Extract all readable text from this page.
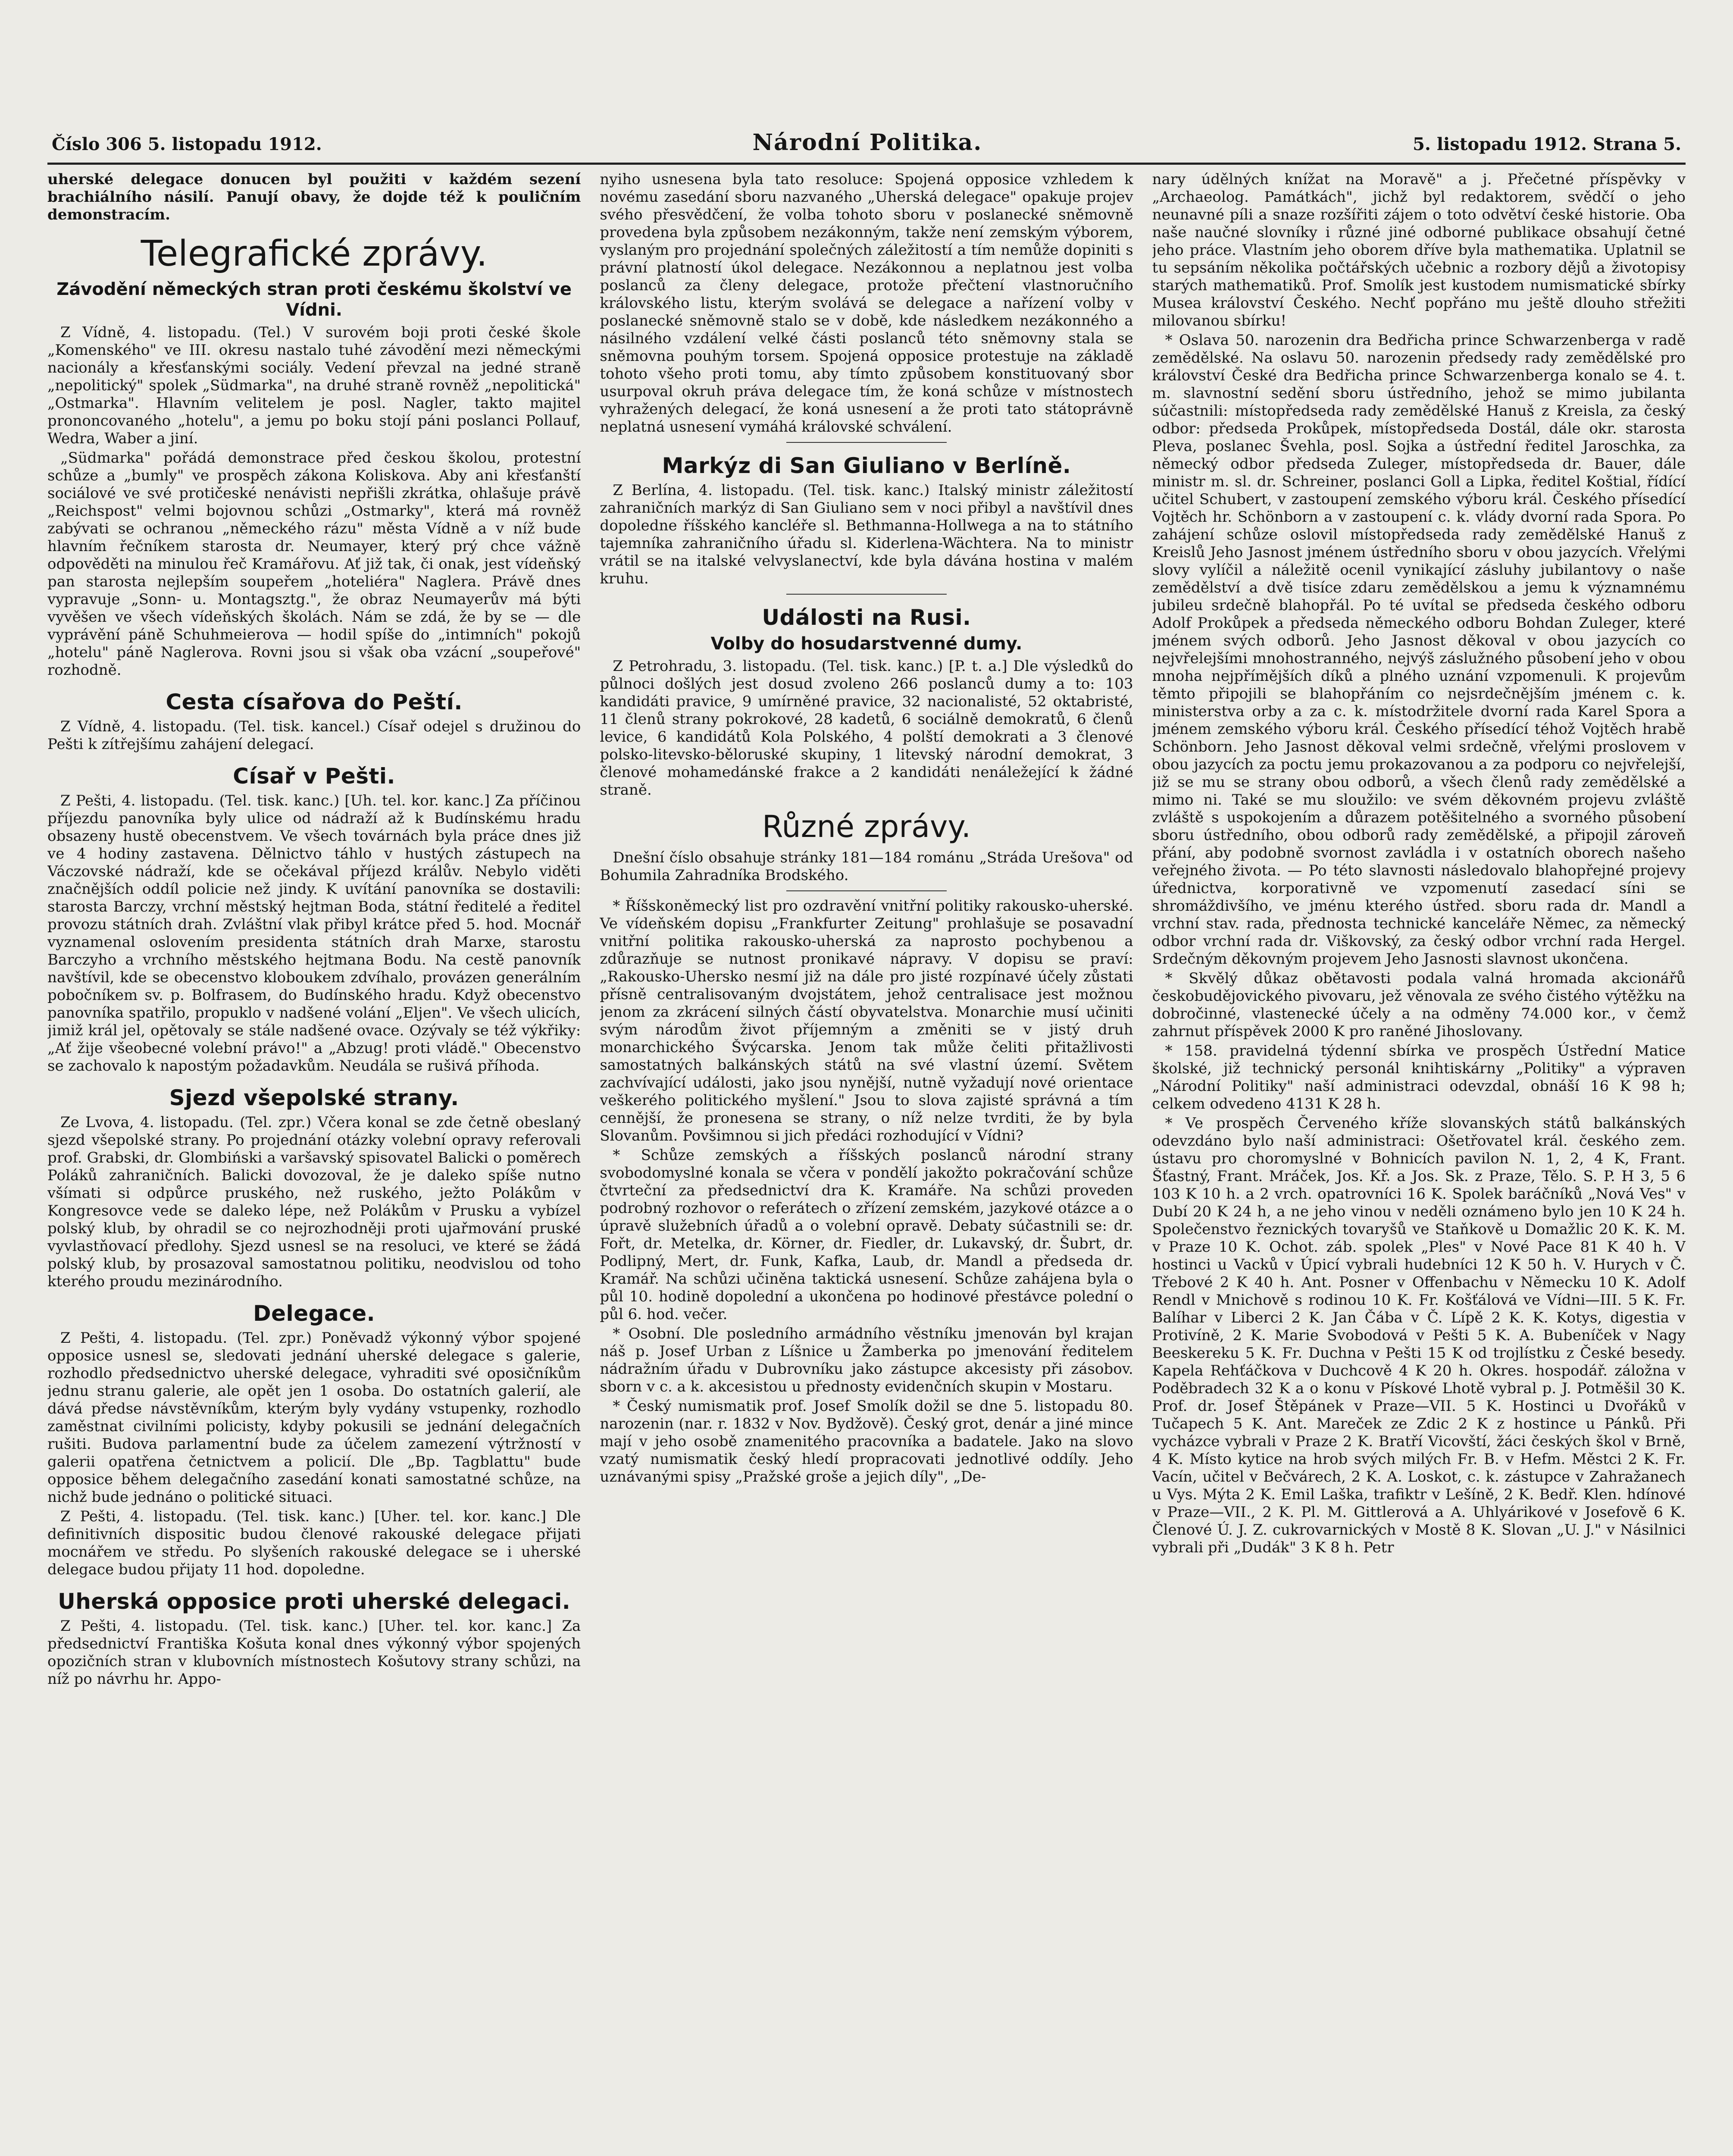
Číslo 306 5. listopadu 1912.	Národní Politika.	5. listopadu 1912. Strana 5.

uherské delegace donucen byl použiti v každém sezení brachiálního násilí. Panují obavy, že dojde též k pouličním demonstracím.

Telegrafické zprávy.
Závodění německých stran proti českému školství ve Vídni.

Z Vídně, 4. listopadu. (Tel.) V surovém boji proti české škole „Komenského" ve III. okresu nastalo tuhé závodění mezi německými nacionály a křesťanskými sociály. Vedení převzal na jedné straně „nepolitický" spolek „Südmarka", na druhé straně rovněž „nepolitická" „Ostmarka". Hlavním velitelem je posl. Nagler, takto majitel prononcovaného „hotelu", a jemu po boku stojí páni poslanci Pollauf, Wedra, Waber a jiní.

„Südmarka" pořádá demonstrace před českou školou, protestní schůze a „bumly" ve prospěch zákona Koliskova. Aby ani křesťanští sociálové ve své protičeské nenávisti nepřišli zkrátka, ohlašuje právě „Reichspost" velmi bojovnou schůzi „Ostmarky", která má rovněž zabývati se ochranou „německého rázu" města Vídně a v níž bude hlavním řečníkem starosta dr. Neumayer, který prý chce vážně odpověděti na minulou řeč Kramářovu. Ať již tak, či onak, jest vídeňský pan starosta nejlepším soupeřem „hoteliéra" Naglera. Právě dnes vypravuje „Sonn- u. Montagsztg.", že obraz Neumayerův má býti vyvěšen ve všech vídeňských školách. Nám se zdá, že by se — dle vyprávění páně Schuhmeierova — hodil spíše do „intimních" pokojů „hotelu" páně Naglerova. Rovni jsou si však oba vzácní „soupeřové" rozhodně.

Cesta císařova do Peští.

Z Vídně, 4. listopadu. (Tel. tisk. kancel.) Císař odejel s družinou do Pešti k zítřejšímu zahájení delegací.

Císař v Pešti.

Z Pešti, 4. listopadu. (Tel. tisk. kanc.) [Uh. tel. kor. kanc.] Za příčinou příjezdu panovníka byly ulice od nádraží až k Budínskému hradu obsazeny hustě obecenstvem. Ve všech továrnách byla práce dnes již ve 4 hodiny zastavena. Dělnictvo táhlo v hustých zástupech na Váczovské nádraží, kde se očekával příjezd králův. Nebylo viděti značnějších oddíl policie než jindy. K uvítání panovníka se dostavili: starosta Barczy, vrchní městský hejtman Boda, státní ředitelé a ředitel provozu státních drah. Zvláštní vlak přibyl krátce před 5. hod. Mocnář vyznamenal oslovením presidenta státních drah Marxe, starostu Barczyho a vrchního městského hejtmana Bodu. Na cestě panovník navštívil, kde se obecenstvo kloboukem zdvíhalo, provázen generálním pobočníkem sv. p. Bolfrasem, do Budínského hradu. Když obecenstvo panovníka spatřilo, propuklo v nadšené volání „Eljen". Ve všech ulicích, jimiž král jel, opětovaly se stále nadšené ovace. Ozývaly se též výkřiky: „Ať žije všeobecné volební právo!" a „Abzug! proti vládě." Obecenstvo se zachovalo k napostým požadavkům. Neudála se rušivá příhoda.

Sjezd všepolské strany.

Ze Lvova, 4. listopadu. (Tel. zpr.) Včera konal se zde četně obeslaný sjezd všepolské strany. Po projednání otázky volební opravy referovali prof. Grabski, dr. Glombiński a varšavský spisovatel Balicki o poměrech Poláků zahraničních. Balicki dovozoval, že je daleko spíše nutno všímati si odpůrce pruského, než ruského, ježto Polákům v Kongresovce vede se daleko lépe, než Polákům v Prusku a vybízel polský klub, by ohradil se co nejrozhodněji proti ujařmování pruské vyvlastňovací předlohy. Sjezd usnesl se na resoluci, ve které se žádá polský klub, by prosazoval samostatnou politiku, neodvislou od toho kterého proudu mezinárodního.

Delegace.

Z Pešti, 4. listopadu. (Tel. zpr.) Poněvadž výkonný výbor spojené opposice usnesl se, sledovati jednání uherské delegace s galerie, rozhodlo předsednictvo uherské delegace, vyhraditi své oposičníkům jednu stranu galerie, ale opět jen 1 osoba. Do ostatních galerií, ale dává předse návstěvníkům, kterým byly vydány vstupenky, rozhodlo zaměstnat civilními policisty, kdyby pokusili se jednání delegačních rušiti. Budova parlamentní bude za účelem zamezení výtržností v galerii opatřena četnictvem a policií. Dle „Bp. Tagblattu" bude opposice během delegačního zasedání konati samostatné schůze, na nichž bude jednáno o politické situaci.

Z Pešti, 4. listopadu. (Tel. tisk. kanc.) [Uher. tel. kor. kanc.] Dle definitivních dispositic budou členové rakouské delegace přijati mocnářem ve středu. Po slyšeních rakouské delegace se i uherské delegace budou přijaty 11 hod. dopoledne.

Uherská opposice proti uherské delegaci.

Z Pešti, 4. listopadu. (Tel. tisk. kanc.) [Uher. tel. kor. kanc.] Za předsednictví Františka Košuta konal dnes výkonný výbor spojených opozičních stran v klubovních místnostech Košutovy strany schůzi, na níž po návrhu hr. Appo-

nyiho usnesena byla tato resoluce: Spojená opposice vzhledem k novému zasedání sboru nazvaného „Uherská delegace" opakuje projev svého přesvědčení, že volba tohoto sboru v poslanecké sněmovně provedena byla způsobem nezákonným, takže není zemským výborem, vyslaným pro projednání společných záležitostí a tím nemůže dopiniti s právní platností úkol delegace. Nezákonnou a neplatnou jest volba poslanců za členy delegace, protože přečtení vlastnoručního královského listu, kterým svolává se delegace a nařízení volby v poslanecké sněmovně stalo se v době, kde následkem nezákonného a násilného vzdálení velké části poslanců této sněmovny stala se sněmovna pouhým torsem. Spojená opposice protestuje na základě tohoto všeho proti tomu, aby tímto způsobem konstituovaný sbor usurpoval okruh práva delegace tím, že koná schůze v místnostech vyhražených delegací, že koná usnesení a že proti tato státoprávně neplatná usnesení vymáhá královské schválení.

Markýz di San Giuliano v Berlíně.

Z Berlína, 4. listopadu. (Tel. tisk. kanc.) Italský ministr záležitostí zahraničních markýz di San Giuliano sem v noci přibyl a navštívil dnes dopoledne říšského kancléře sl. Bethmanna-Hollwega a na to státního tajemníka zahraničního úřadu sl. Kiderlena-Wächtera. Na to ministr vrátil se na italské velvyslanectví, kde byla dávána hostina v malém kruhu.

Události na Rusi.
Volby do hosudarstvenné dumy.

Z Petrohradu, 3. listopadu. (Tel. tisk. kanc.) [P. t. a.] Dle výsledků do půlnoci došlých jest dosud zvoleno 266 poslanců dumy a to: 103 kandidáti pravice, 9 umírněné pravice, 32 nacionalisté, 52 oktabristé, 11 členů strany pokrokové, 28 kadetů, 6 sociálně demokratů, 6 členů levice, 6 kandidátů Kola Polského, 4 polští demokrati a 3 členové polsko-litevsko-běloruské skupiny, 1 litevský národní demokrat, 3 členové mohamedánské frakce a 2 kandidáti nenáležející k žádné straně.

Různé zprávy.

Dnešní číslo obsahuje stránky 181—184 románu „Stráda Urešova" od Bohumila Zahradníka Brodského.

* Říšskoněmecký list pro ozdravění vnitřní politiky rakousko-uherské. Ve vídeňském dopisu „Frankfurter Zeitung" prohlašuje se posavadní vnitřní politika rakousko-uherská za naprosto pochybenou a zdůrazňuje se nutnost pronikavé nápravy. V dopisu se praví: „Rakousko-Uhersko nesmí již na dále pro jisté rozpínavé účely zůstati přísně centralisovaným dvojstátem, jehož centralisace jest možnou jenom za zkrácení silných částí obyvatelstva. Monarchie musí učiniti svým národům život příjemným a změniti se v jistý druh monarchického Švýcarska. Jenom tak může čeliti přitažlivosti samostatných balkánských států na své vlastní území. Světem zachvívající události, jako jsou nynější, nutně vyžadují nové orientace veškerého politického myšlení." Jsou to slova zajisté správná a tím cennější, že pronesena se strany, o níž nelze tvrditi, že by byla Slovanům. Povšimnou si jich předáci rozhodující v Vídni?

* Schůze zemských a říšských poslanců národní strany svobodomyslné konala se včera v pondělí jakožto pokračování schůze čtvrteční za předsednictví dra K. Kramáře. Na schůzi proveden podrobný rozhovor o referátech o zřízení zemském, jazykové otázce a o úpravě služebních úřadů a o volební opravě. Debaty súčastnili se: dr. Fořt, dr. Metelka, dr. Körner, dr. Fiedler, dr. Lukavský, dr. Šubrt, dr. Podlipný, Mert, dr. Funk, Kafka, Laub, dr. Mandl a předseda dr. Kramář. Na schůzi učiněna taktická usnesení. Schůze zahájena byla o půl 10. hodině dopolední a ukončena po hodinové přestávce polední o půl 6. hod. večer.

* Osobní. Dle posledního armádního věstníku jmenován byl krajan náš p. Josef Urban z Líšnice u Žamberka po jmenování ředitelem nádražním úřadu v Dubrovníku jako zástupce akcesisty při zásobov. sborn v c. a k. akcesistou u přednosty evidenčních skupin v Mostaru.

* Český numismatik prof. Josef Smolík dožil se dne 5. listopadu 80. narozenin (nar. r. 1832 v Nov. Bydžově). Český grot, denár a jiné mince mají v jeho osobě znamenitého pracovníka a badatele. Jako na slovo vzatý numismatik český hledí propracovati jednotlivé oddíly. Jeho uznávanými spisy „Pražské groše a jejich díly", „De-

nary údělných knížat na Moravě" a j. Přečetné příspěvky v „Archaeolog. Památkách", jichž byl redaktorem, svědčí o jeho neunavné píli a snaze rozšířiti zájem o toto odvětví české historie. Oba naše naučné slovníky i různé jiné odborné publikace obsahují četné jeho práce. Vlastním jeho oborem dříve byla mathematika. Uplatnil se tu sepsáním několika počtářských učebnic a rozbory dějů a životopisy starých mathematiků. Prof. Smolík jest kustodem numismatické sbírky Musea království Českého. Nechť popřáno mu ještě dlouho střežiti milovanou sbírku!

* Oslava 50. narozenin dra Bedřicha prince Schwarzenberga v radě zemědělské. Na oslavu 50. narozenin předsedy rady zemědělské pro království České dra Bedřicha prince Schwarzenberga konalo se 4. t. m. slavnostní sedění sboru ústředního, jehož se mimo jubilanta súčastnili: místopředseda rady zemědělské Hanuš z Kreisla, za český odbor: předseda Prokůpek, místopředseda Dostál, dále okr. starosta Pleva, poslanec Švehla, posl. Sojka a ústřední ředitel Jaroschka, za německý odbor předseda Zuleger, místopředseda dr. Bauer, dále ministr m. sl. dr. Schreiner, poslanci Goll a Lipka, ředitel Koštial, řídící učitel Schubert, v zastoupení zemského výboru král. Českého přísedící Vojtěch hr. Schönborn a v zastoupení c. k. vlády dvorní rada Spora. Po zahájení schůze oslovil místopředseda rady zemědělské Hanuš z Kreislů Jeho Jasnost jménem ústředního sboru v obou jazycích. Vřelými slovy vylíčil a náležitě ocenil vynikající zásluhy jubilantovy o naše zemědělství a dvě tisíce zdaru zemědělskou a jemu k významnému jubileu srdečně blahopřál. Po té uvítal se předseda českého odboru Adolf Prokůpek a předseda německého odboru Bohdan Zuleger, které jménem svých odborů. Jeho Jasnost děkoval v obou jazycích co nejvřelejšími mnohostranného, nejvýš záslužného působení jeho v obou mnoha nejpřímějších díků a plného uznání vzpomenuli. K projevům těmto připojili se blahopřáním co nejsrdečnějším jménem c. k. ministerstva orby a za c. k. místodržitele dvorní rada Karel Spora a jménem zemského výboru král. Českého přísedící téhož Vojtěch hrabě Schönborn. Jeho Jasnost děkoval velmi srdečně, vřelými proslovem v obou jazycích za poctu jemu prokazovanou a za podporu co nejvřelejší, již se mu se strany obou odborů, a všech členů rady zemědělské a mimo ni. Také se mu sloužilo: ve svém děkovném projevu zvláště zvláště s uspokojením a důrazem potěšitelného a svorného působení sboru ústředního, obou odborů rady zemědělské, a připojil zároveň přání, aby podobně svornost zavládla i v ostatních oborech našeho veřejného života. — Po této slavnosti následovalo blahopřejné projevy úřednictva, korporativně ve vzpomenutí zasedací síni se shromáždivšího, ve jménu kterého ústřed. sboru rada dr. Mandl a vrchní stav. rada, přednosta technické kanceláře Němec, za německý odbor vrchní rada dr. Viškovský, za český odbor vrchní rada Hergel. Srdečným děkovným projevem Jeho Jasnosti slavnost ukončena.

* Skvělý důkaz obětavosti podala valná hromada akcionářů českobudějovického pivovaru, jež věnovala ze svého čistého výtěžku na dobročinné, vlastenecké účely a na odměny 74.000 kor., v čemž zahrnut příspěvek 2000 K pro raněné Jihoslovany.

* 158. pravidelná týdenní sbírka ve prospěch Ústřední Matice školské, již technický personál knihtiskárny „Politiky" a výpraven „Národní Politiky" naší administraci odevzdal, obnáší 16 K 98 h; celkem odvedeno 4131 K 28 h.

* Ve prospěch Červeného kříže slovanských států balkánských odevzdáno bylo naší administraci: Ošetřovatel král. českého zem. ústavu pro choromyslné v Bohnicích pavilon N. 1, 2, 4 K, Frant. Šťastný, Frant. Mráček, Jos. Kř. a Jos. Sk. z Praze, Tělo. S. P. H 3, 5 6 103 K 10 h. a 2 vrch. opatrovníci 16 K. Spolek baráčníků „Nová Ves" v Dubí 20 K 24 h, a ne jeho vinou v neděli oznámeno bylo jen 10 K 24 h. Společenstvo řeznických tovaryšů ve Staňkově u Domažlic 20 K. K. M. v Praze 10 K. Ochot. záb. spolek „Ples" v Nové Pace 81 K 40 h. V hostinci u Vacků v Úpicí vybrali hudebníci 12 K 50 h. V. Hurych v Č. Třebové 2 K 40 h. Ant. Posner v Offenbachu v Německu 10 K. Adolf Rendl v Mnichově s rodinou 10 K. Fr. Košťálová ve Vídni—III. 5 K. Fr. Balíhar v Liberci 2 K. Jan Čába v Č. Lípě 2 K. K. Kotys, digestia v Protivíně, 2 K. Marie Svobodová v Pešti 5 K. A. Bubeníček v Nagy Beeskereku 5 K. Fr. Duchna v Pešti 15 K od trojlístku z České besedy. Kapela Rehťáčkova v Duchcově 4 K 20 h. Okres. hospodář. záložna v Poděbradech 32 K a o konu v Pískové Lhotě vybral p. J. Potměšil 30 K. Prof. dr. Josef Štěpánek v Praze—VII. 5 K. Hostinci u Dvořáků v Tučapech 5 K. Ant. Mareček ze Zdic 2 K z hostince u Pánků. Při vycházce vybrali v Praze 2 K. Bratří Vicovští, žáci českých škol v Brně, 4 K. Místo kytice na hrob svých milých Fr. B. v Hefm. Městci 2 K. Fr. Vacín, učitel v Bečvárech, 2 K. A. Loskot, c. k. zástupce v Zahražanech u Vys. Mýta 2 K. Emil Laška, trafiktr v Lešíně, 2 K. Bedř. Klen. hdínové v Praze—VII., 2 K. Pl. M. Gittlerová a A. Uhlyárikové v Josefově 6 K. Členové Ú. J. Z. cukrovarnických v Mostě 8 K. Slovan „U. J." v Násilnici vybrali při „Dudák" 3 K 8 h. Petr
